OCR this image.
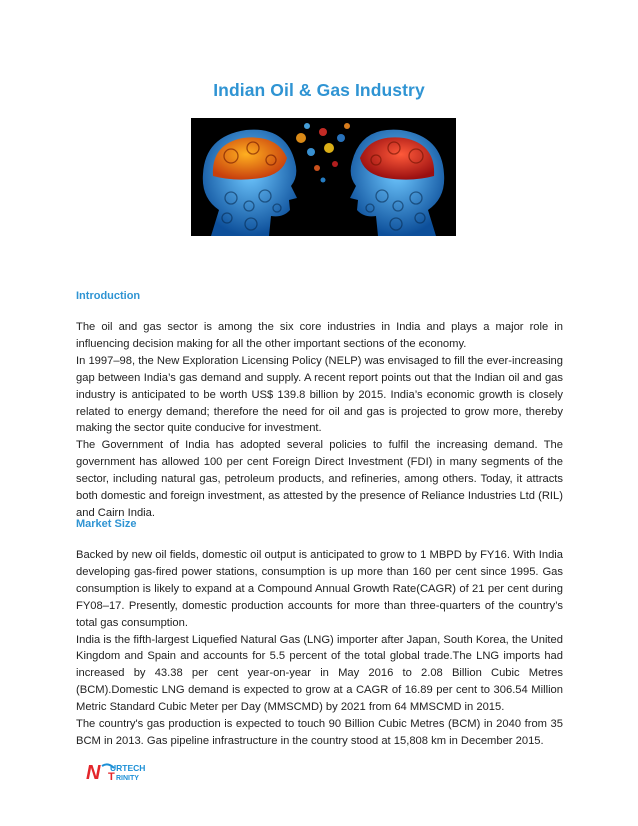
Indian Oil & Gas Industry
Introduction

The oil and gas sector is among the six core industries in India and plays a major role in influencing decision making for all the other important sections of the economy.

In 1997–98, the New Exploration Licensing Policy (NELP) was envisaged to fill the ever-increasing gap between India’s gas demand and supply. A recent report points out that the Indian oil and gas industry is anticipated to be worth US$ 139.8 billion by 2015. India’s economic growth is closely related to energy demand; therefore the need for oil and gas is projected to grow more, thereby making the sector quite conducive for investment.

The Government of India has adopted several policies to fulfil the increasing demand. The government has allowed 100 per cent Foreign Direct Investment (FDI) in many segments of the sector, including natural gas, petroleum products, and refineries, among others. Today, it attracts both domestic and foreign investment, as attested by the presence of Reliance Industries Ltd (RIL) and Cairn India.

Market Size

Backed by new oil fields, domestic oil output is anticipated to grow to 1 MBPD by FY16. With India developing gas-fired power stations, consumption is up more than 160 per cent since 1995. Gas consumption is likely to expand at a Compound Annual Growth Rate(CAGR) of 21 per cent during FY08–17. Presently, domestic production accounts for more than three-quarters of the country’s total gas consumption.

India is the fifth-largest Liquefied Natural Gas (LNG) importer after Japan, South Korea, the United Kingdom and Spain and accounts for 5.5 percent of the total global trade.The LNG imports had increased by 43.38 per cent year-on-year in May 2016 to 2.08 Billion Cubic Metres (BCM).Domestic LNG demand is expected to grow at a CAGR of 16.89 per cent to 306.54 Million Metric Standard Cubic Meter per Day (MMSCMD) by 2021 from 64 MMSCMD in 2015.

The country's gas production is expected to touch 90 Billion Cubic Metres (BCM) in 2040 from 35 BCM in 2013. Gas pipeline infrastructure in the country stood at 15,808 km in December 2015.

N URTECH
RINITY
T
